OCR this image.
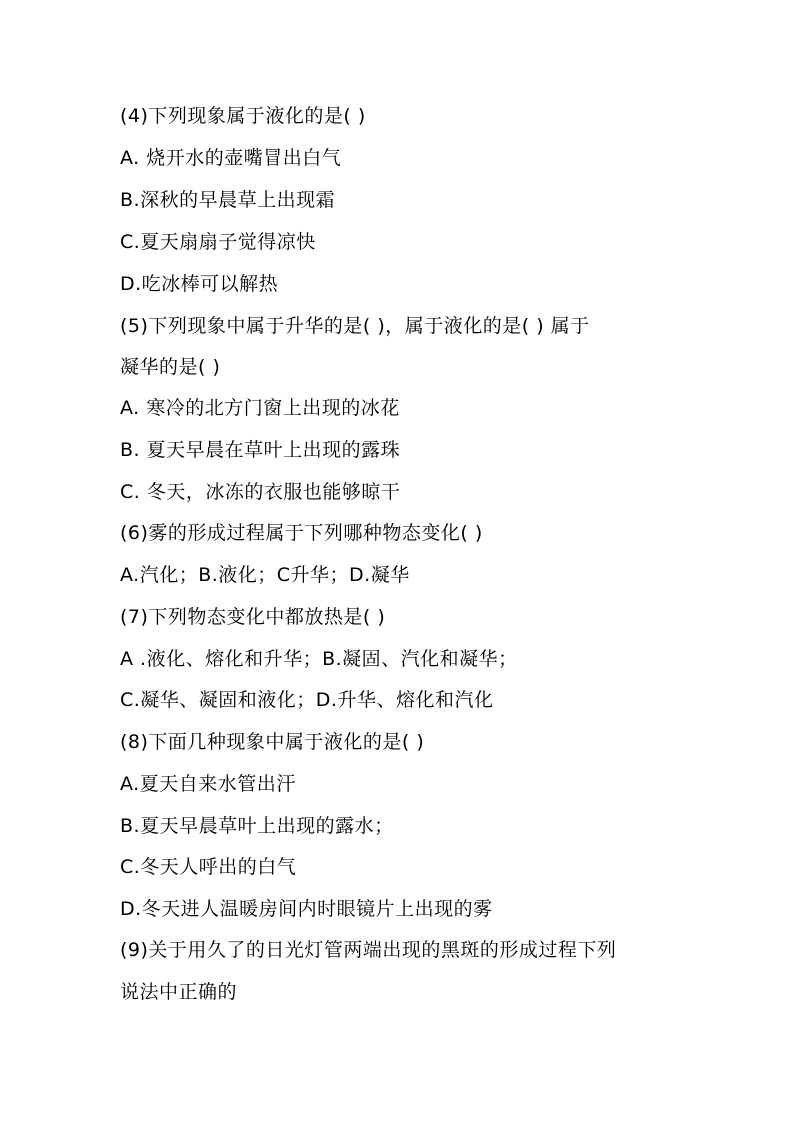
(4)下列现象属于液化的是( )
A. 烧开水的壶嘴冒出白气
B.深秋的早晨草上出现霜
C.夏天扇扇子觉得凉快
D.吃冰棒可以解热
(5)下列现象中属于升华的是( )，属于液化的是( ) 属于
凝华的是( )
A. 寒冷的北方门窗上出现的冰花
B. 夏天早晨在草叶上出现的露珠
C. 冬天，冰冻的衣服也能够晾干
(6)雾的形成过程属于下列哪种物态变化( )
A.汽化；B.液化；C升华；D.凝华
(7)下列物态变化中都放热是( )
A .液化、熔化和升华；B.凝固、汽化和凝华；
C.凝华、凝固和液化；D.升华、熔化和汽化
(8)下面几种现象中属于液化的是( )
A.夏天自来水管出汗
B.夏天早晨草叶上出现的露水；
C.冬天人呼出的白气
D.冬天进人温暖房间内时眼镜片上出现的雾
(9)关于用久了的日光灯管两端出现的黑斑的形成过程下列
说法中正确的
